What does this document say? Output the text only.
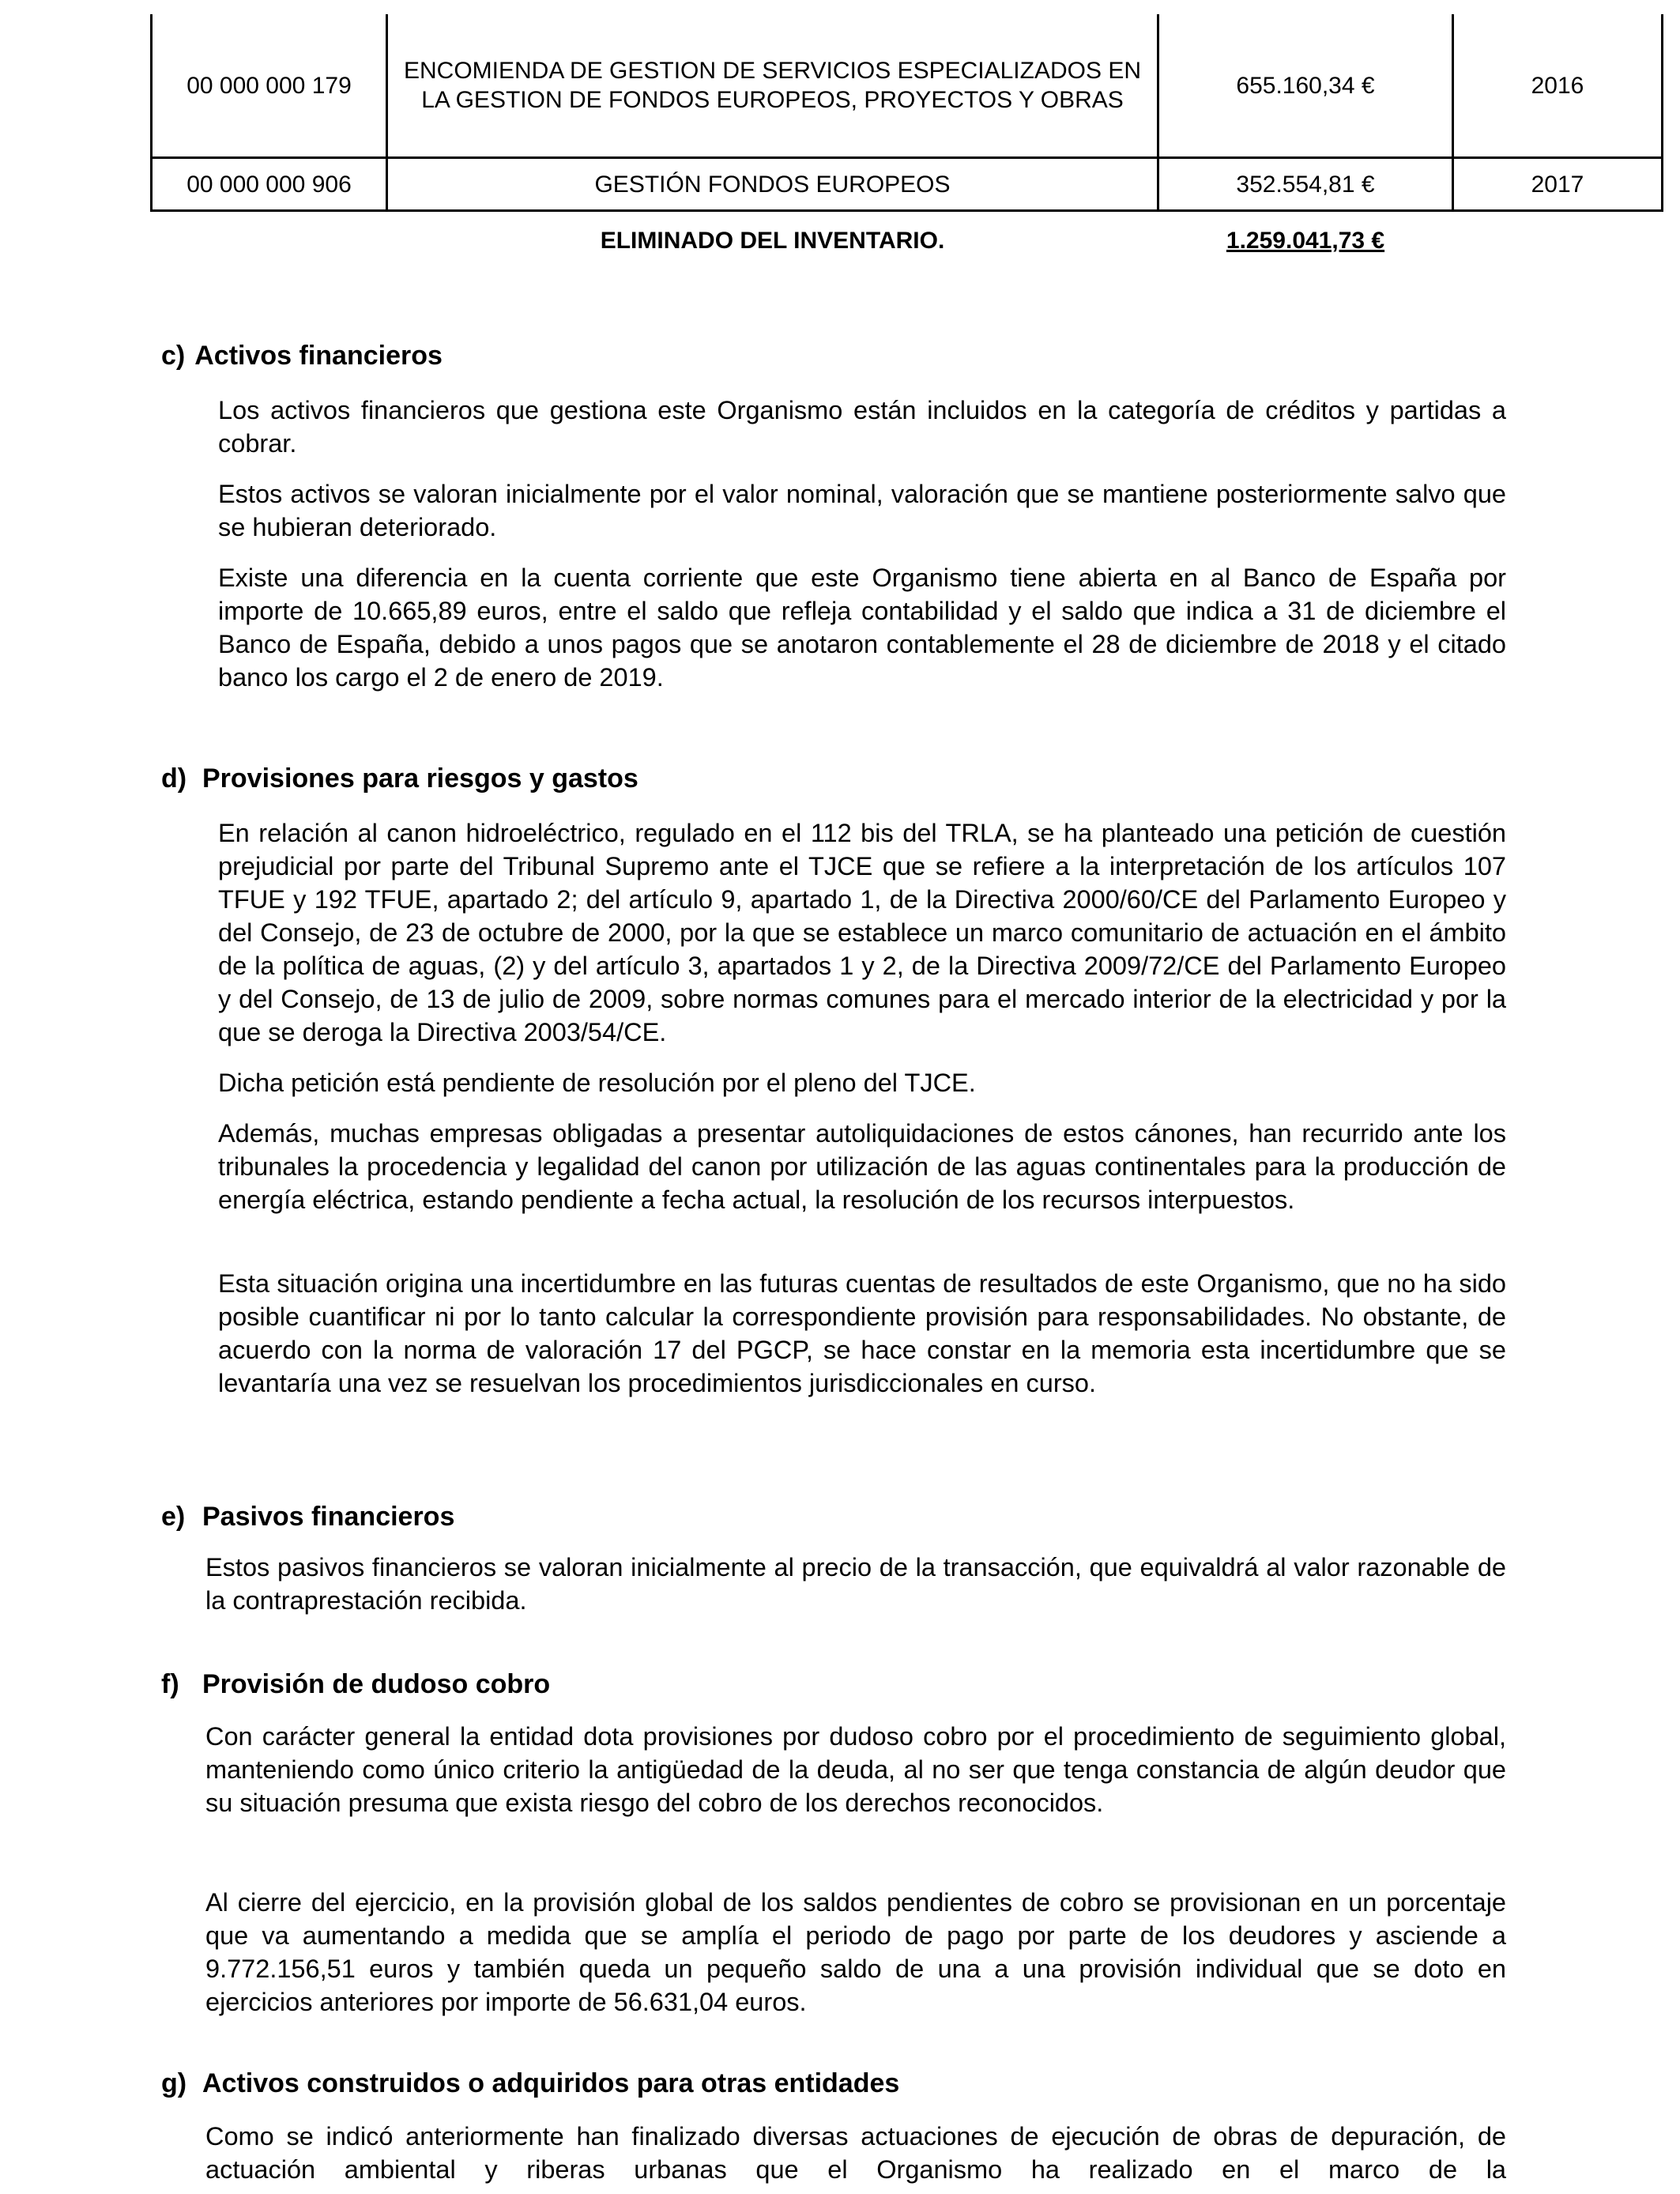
00 000 000 179	ENCOMIENDA DE GESTION DE SERVICIOS ESPECIALIZADOS EN LA GESTION DE FONDOS EUROPEOS, PROYECTOS Y OBRAS	655.160,34 €	2016
00 000 000 906	GESTIÓN FONDOS EUROPEOS	352.554,81 €	2017
	ELIMINADO DEL INVENTARIO.	1.259.041,73 €	
c) Activos financieros

Los activos financieros que gestiona este Organismo están incluidos en la categoría de créditos y partidas a cobrar.

Estos activos se valoran inicialmente por el valor nominal, valoración que se mantiene posteriormente salvo que se hubieran deteriorado.

Existe una diferencia en la cuenta corriente que este Organismo tiene abierta en al Banco de España por importe de 10.665,89 euros, entre el saldo que refleja contabilidad y el saldo que indica a 31 de diciembre el Banco de España, debido a unos pagos que se anotaron contablemente el 28 de diciembre de 2018 y el citado banco los cargo el 2 de enero de 2019.

d) Provisiones para riesgos y gastos

En relación al canon hidroeléctrico, regulado en el 112 bis del TRLA, se ha planteado una petición de cuestión prejudicial por parte del Tribunal Supremo ante el TJCE que se refiere a la interpretación de los artículos 107 TFUE y 192 TFUE, apartado 2; del artículo 9, apartado 1, de la Directiva 2000/60/CE del Parlamento Europeo y del Consejo, de 23 de octubre de 2000, por la que se establece un marco comunitario de actuación en el ámbito de la política de aguas, (2) y del artículo 3, apartados 1 y 2, de la Directiva 2009/72/CE del Parlamento Europeo y del Consejo, de 13 de julio de 2009, sobre normas comunes para el mercado interior de la electricidad y por la que se deroga la Directiva 2003/54/CE.

Dicha petición está pendiente de resolución por el pleno del TJCE.

Además, muchas empresas obligadas a presentar autoliquidaciones de estos cánones, han recurrido ante los tribunales la procedencia y legalidad del canon por utilización de las aguas continentales para la producción de energía eléctrica, estando pendiente a fecha actual, la resolución de los recursos interpuestos.

Esta situación origina una incertidumbre en las futuras cuentas de resultados de este Organismo, que no ha sido posible cuantificar ni por lo tanto calcular la correspondiente provisión para responsabilidades. No obstante, de acuerdo con la norma de valoración 17 del PGCP, se hace constar en la memoria esta incertidumbre que se levantaría una vez se resuelvan los procedimientos jurisdiccionales en curso.

e) Pasivos financieros

Estos pasivos financieros se valoran inicialmente al precio de la transacción, que equivaldrá al valor razonable de la contraprestación recibida.

f) Provisión de dudoso cobro

Con carácter general la entidad dota provisiones por dudoso cobro por el procedimiento de seguimiento global, manteniendo como único criterio la antigüedad de la deuda, al no ser que tenga constancia de algún deudor que su situación presuma que exista riesgo del cobro de los derechos reconocidos.

Al cierre del ejercicio, en la provisión global de los saldos pendientes de cobro se provisionan en un porcentaje que va aumentando a medida que se amplía el periodo de pago por parte de los deudores y asciende a 9.772.156,51 euros y también queda un pequeño saldo de una a una provisión individual que se doto en ejercicios anteriores por importe de 56.631,04 euros.

g) Activos construidos o adquiridos para otras entidades

Como se indicó anteriormente han finalizado diversas actuaciones de ejecución de obras de depuración, de actuación ambiental y riberas urbanas que el Organismo ha realizado en el marco de la
